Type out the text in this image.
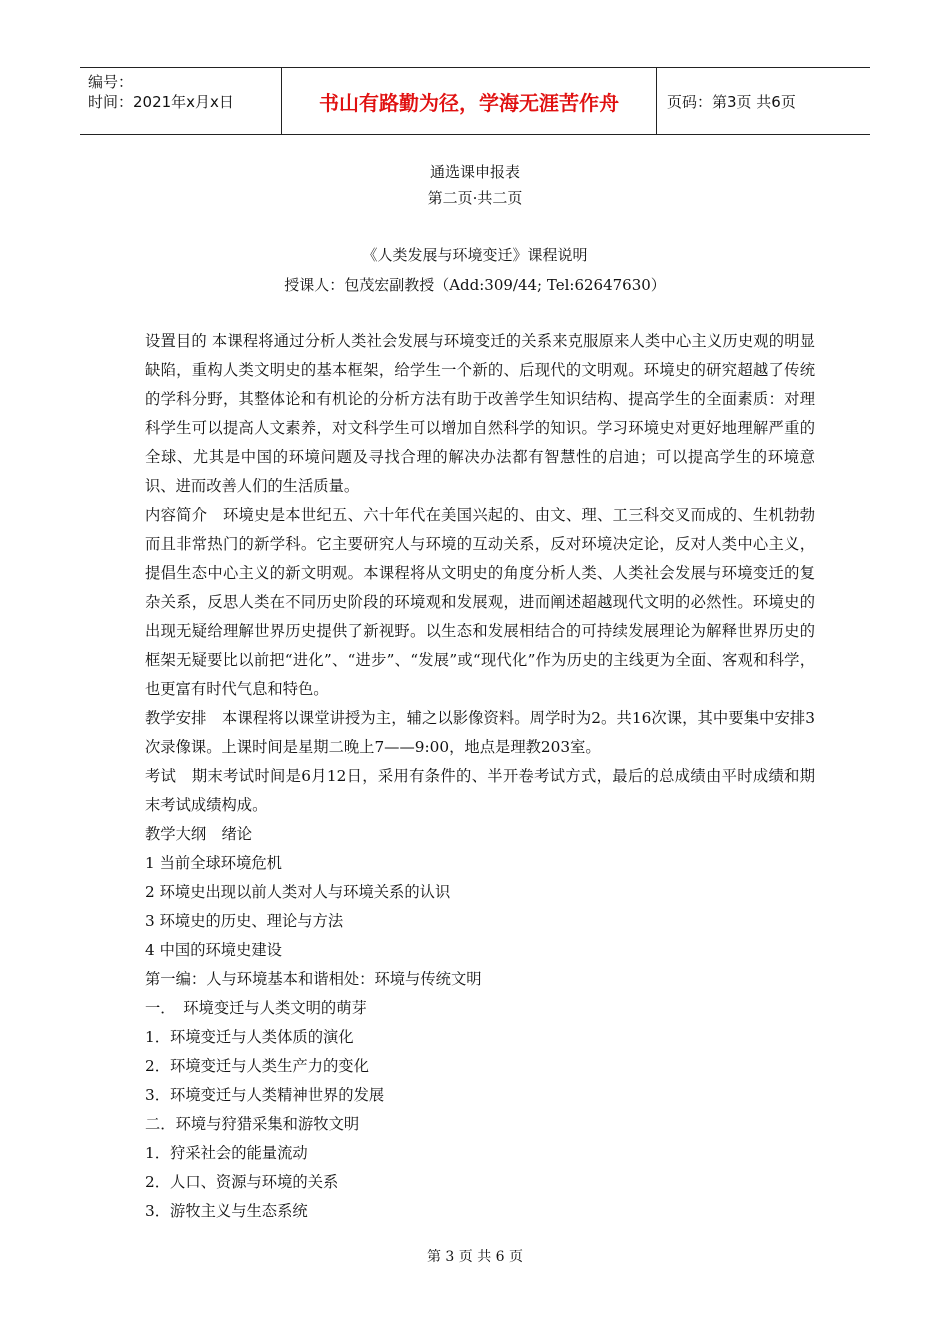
编号：
时间：2021年x月x日	书山有路勤为径，学海无涯苦作舟	页码：第3页 共6页
通选课申报表
第二页·共二页
《人类发展与环境变迁》课程说明
授课人：包茂宏副教授（Add:309/44; Tel:62647630）

设置目的 本课程将通过分析人类社会发展与环境变迁的关系来克服原来人类中心主义历史观的明显缺陷，重构人类文明史的基本框架，给学生一个新的、后现代的文明观。环境史的研究超越了传统的学科分野，其整体论和有机论的分析方法有助于改善学生知识结构、提高学生的全面素质：对理科学生可以提高人文素养，对文科学生可以增加自然科学的知识。学习环境史对更好地理解严重的全球、尤其是中国的环境问题及寻找合理的解决办法都有智慧性的启迪；可以提高学生的环境意识、进而改善人们的生活质量。

内容简介　环境史是本世纪五、六十年代在美国兴起的、由文、理、工三科交叉而成的、生机勃勃而且非常热门的新学科。它主要研究人与环境的互动关系，反对环境决定论，反对人类中心主义，提倡生态中心主义的新文明观。本课程将从文明史的角度分析人类、人类社会发展与环境变迁的复杂关系，反思人类在不同历史阶段的环境观和发展观，进而阐述超越现代文明的必然性。环境史的出现无疑给理解世界历史提供了新视野。以生态和发展相结合的可持续发展理论为解释世界历史的框架无疑要比以前把“进化”、“进步”、“发展”或“现代化”作为历史的主线更为全面、客观和科学，也更富有时代气息和特色。

教学安排　本课程将以课堂讲授为主，辅之以影像资料。周学时为2。共16次课，其中要集中安排3次录像课。上课时间是星期二晚上7——9:00，地点是理教203室。

考试　期末考试时间是6月12日，采用有条件的、半开卷考试方式，最后的总成绩由平时成绩和期末考试成绩构成。

教学大纲　绪论

1 当前全球环境危机

2 环境史出现以前人类对人与环境关系的认识

3 环境史的历史、理论与方法

4 中国的环境史建设

第一编：人与环境基本和谐相处：环境与传统文明

一．　环境变迁与人类文明的萌芽

1．环境变迁与人类体质的演化

2．环境变迁与人类生产力的变化

3．环境变迁与人类精神世界的发展

二．环境与狩猎采集和游牧文明

1．狩采社会的能量流动

2．人口、资源与环境的关系

3．游牧主义与生态系统

第 3 页 共 6 页
